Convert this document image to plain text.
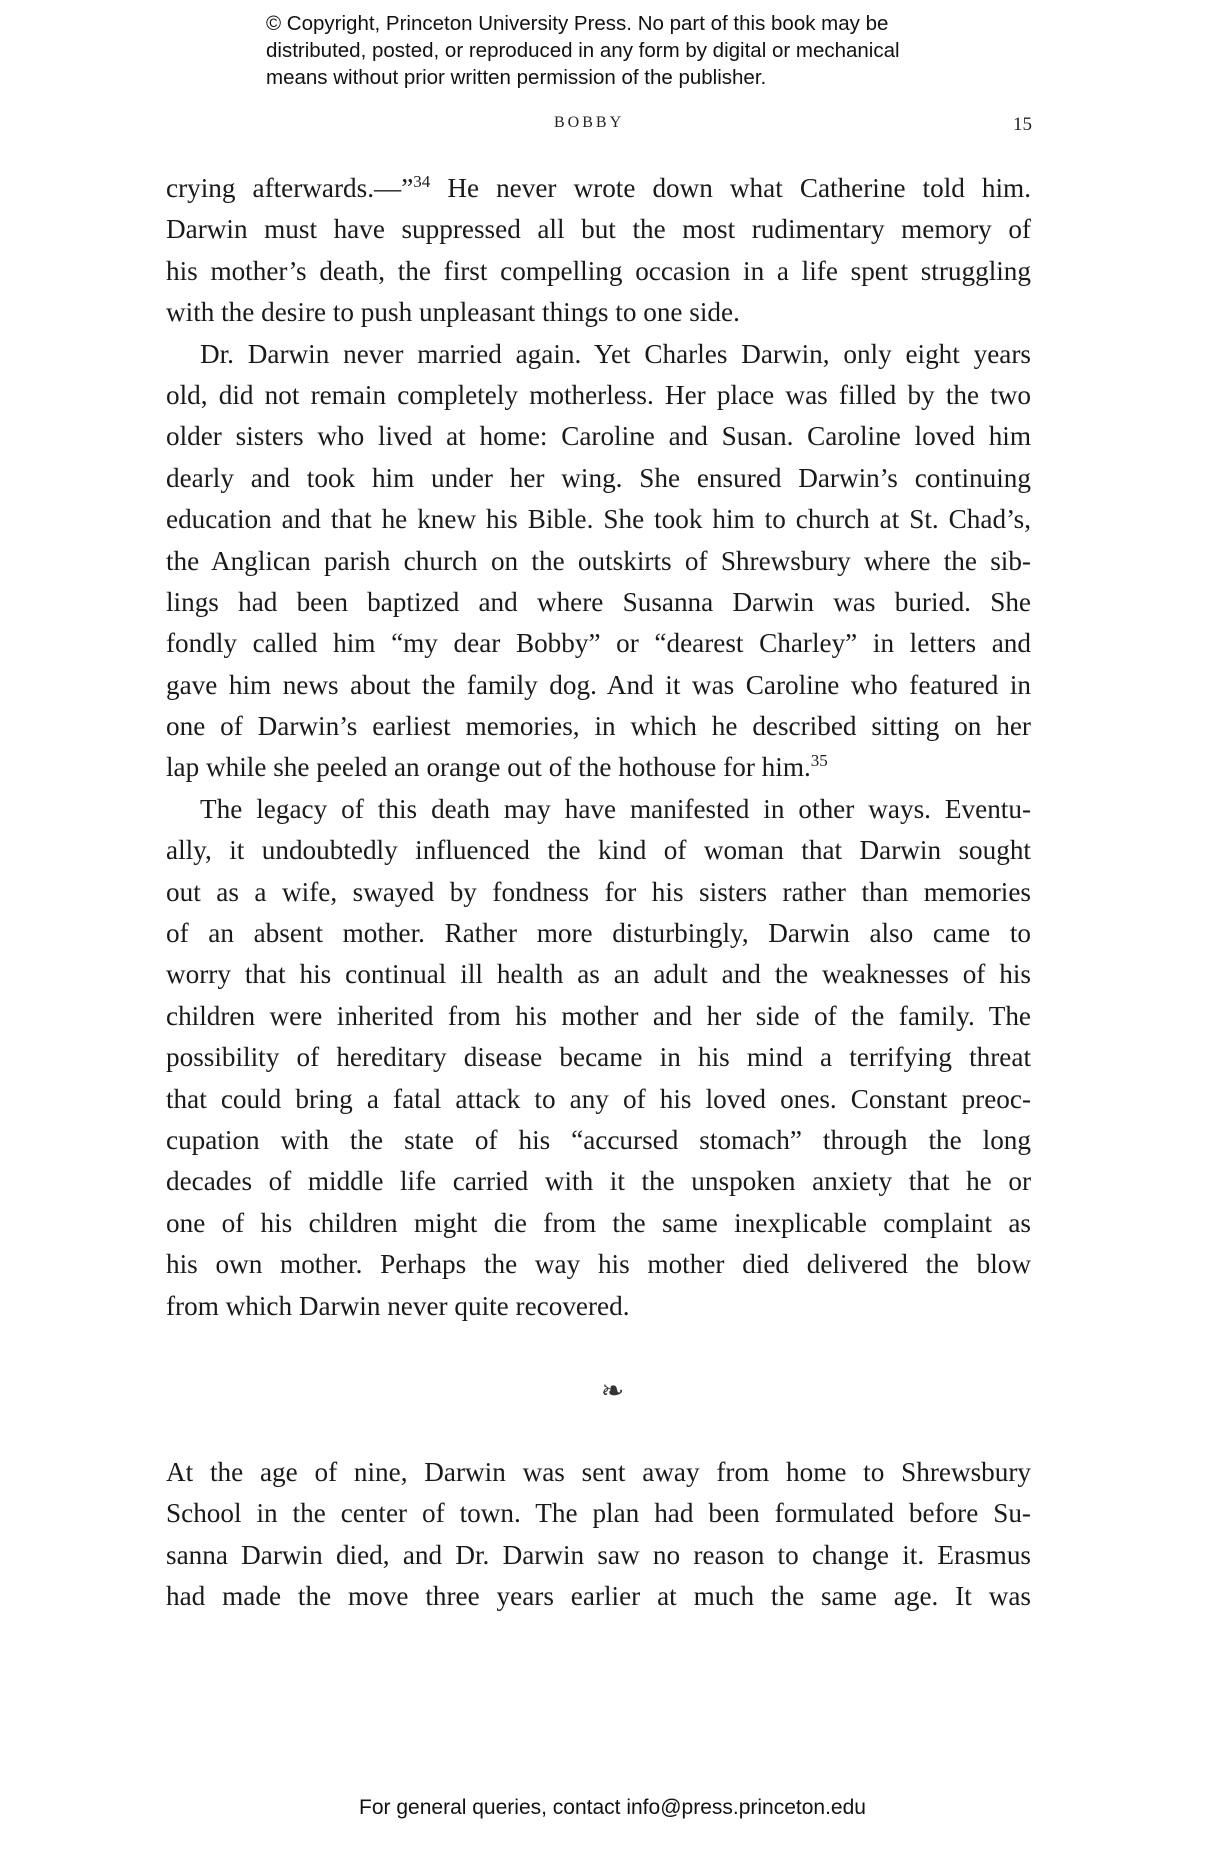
© Copyright, Princeton University Press. No part of this book may be
distributed, posted, or reproduced in any form by digital or mechanical
means without prior written permission of the publisher.
BOBBY	15
crying afterwards.—”$^{34}$ He never wrote down what Catherine told him.
Darwin must have suppressed all but the most rudimentary memory of
his mother’s death, the first compelling occasion in a life spent struggling
with the desire to push unpleasant things to one side.
Dr. Darwin never married again. Yet Charles Darwin, only eight years
old, did not remain completely motherless. Her place was filled by the two
older sisters who lived at home: Caroline and Susan. Caroline loved him
dearly and took him under her wing. She ensured Darwin’s continuing
education and that he knew his Bible. She took him to church at St. Chad’s,
the Anglican parish church on the outskirts of Shrewsbury where the sib-
lings had been baptized and where Susanna Darwin was buried. She
fondly called him “my dear Bobby” or “dearest Charley” in letters and
gave him news about the family dog. And it was Caroline who featured in
one of Darwin’s earliest memories, in which he described sitting on her
lap while she peeled an orange out of the hothouse for him.$^{35}$
The legacy of this death may have manifested in other ways. Eventu-
ally, it undoubtedly influenced the kind of woman that Darwin sought
out as a wife, swayed by fondness for his sisters rather than memories
of an absent mother. Rather more disturbingly, Darwin also came to
worry that his continual ill health as an adult and the weaknesses of his
children were inherited from his mother and her side of the family. The
possibility of hereditary disease became in his mind a terrifying threat
that could bring a fatal attack to any of his loved ones. Constant preoc-
cupation with the state of his “accursed stomach” through the long
decades of middle life carried with it the unspoken anxiety that he or
one of his children might die from the same inexplicable complaint as
his own mother. Perhaps the way his mother died delivered the blow
from which Darwin never quite recovered.
❧
At the age of nine, Darwin was sent away from home to Shrewsbury
School in the center of town. The plan had been formulated before Su-
sanna Darwin died, and Dr. Darwin saw no reason to change it. Erasmus
had made the move three years earlier at much the same age. It was
For general queries, contact info@press.princeton.edu
